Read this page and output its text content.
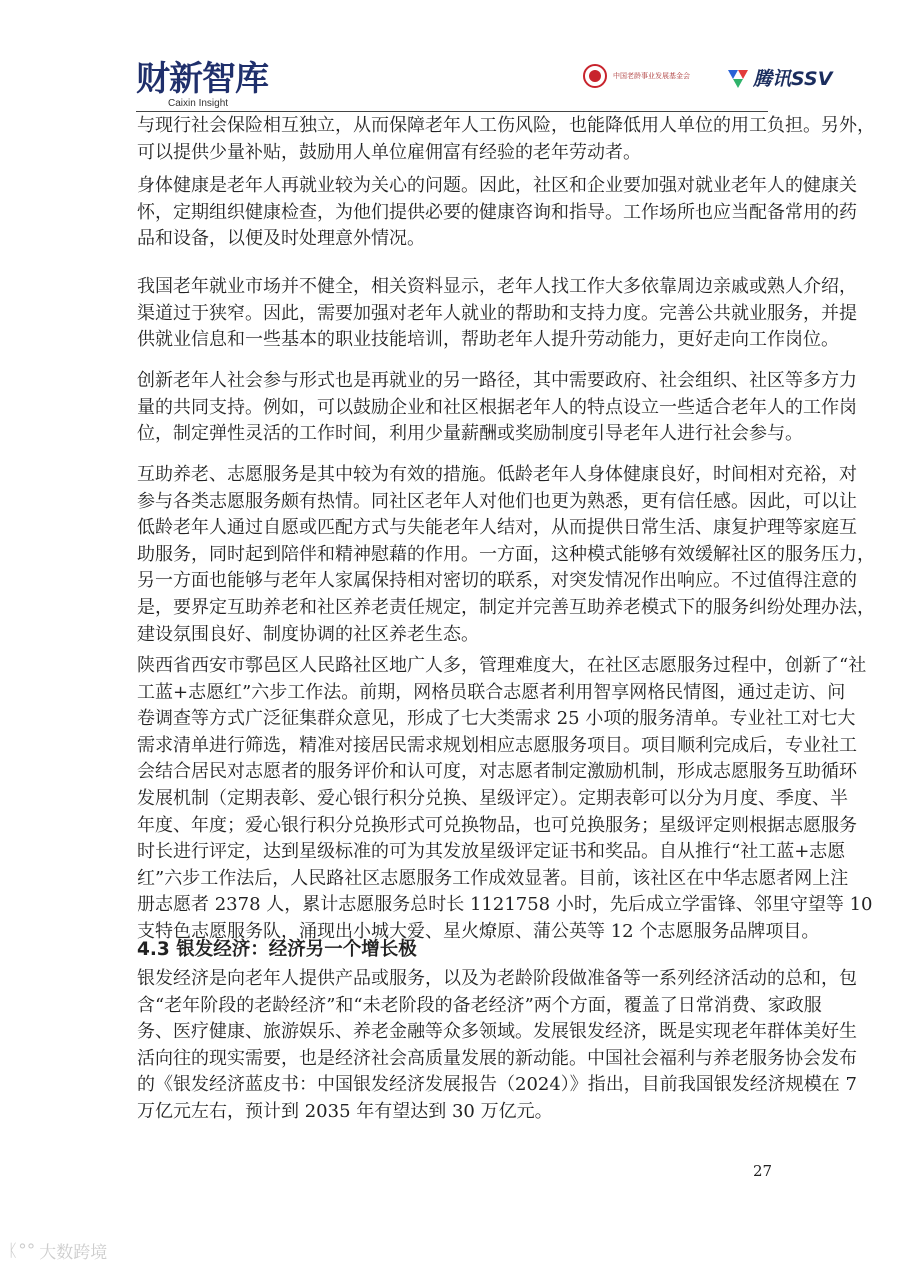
财新智库
Caixin Insight
中国老龄事业发展基金会	腾讯SSV
与现行社会保险相互独立，从而保障老年人工伤风险，也能降低用人单位的用工负担。另外，
可以提供少量补贴，鼓励用人单位雇佣富有经验的老年劳动者。
身体健康是老年人再就业较为关心的问题。因此，社区和企业要加强对就业老年人的健康关
怀，定期组织健康检查，为他们提供必要的健康咨询和指导。工作场所也应当配备常用的药
品和设备，以便及时处理意外情况。
我国老年就业市场并不健全，相关资料显示，老年人找工作大多依靠周边亲戚或熟人介绍，
渠道过于狭窄。因此，需要加强对老年人就业的帮助和支持力度。完善公共就业服务，并提
供就业信息和一些基本的职业技能培训，帮助老年人提升劳动能力，更好走向工作岗位。
创新老年人社会参与形式也是再就业的另一路径，其中需要政府、社会组织、社区等多方力
量的共同支持。例如，可以鼓励企业和社区根据老年人的特点设立一些适合老年人的工作岗
位，制定弹性灵活的工作时间，利用少量薪酬或奖励制度引导老年人进行社会参与。
互助养老、志愿服务是其中较为有效的措施。低龄老年人身体健康良好，时间相对充裕，对
参与各类志愿服务颇有热情。同社区老年人对他们也更为熟悉，更有信任感。因此，可以让
低龄老年人通过自愿或匹配方式与失能老年人结对，从而提供日常生活、康复护理等家庭互
助服务，同时起到陪伴和精神慰藉的作用。一方面，这种模式能够有效缓解社区的服务压力，
另一方面也能够与老年人家属保持相对密切的联系，对突发情况作出响应。不过值得注意的
是，要界定互助养老和社区养老责任规定，制定并完善互助养老模式下的服务纠纷处理办法，
建设氛围良好、制度协调的社区养老生态。
陕西省西安市鄠邑区人民路社区地广人多，管理难度大，在社区志愿服务过程中，创新了“社
工蓝+志愿红”六步工作法。前期，网格员联合志愿者利用智享网格民情图，通过走访、问
卷调查等方式广泛征集群众意见，形成了七大类需求 25 小项的服务清单。专业社工对七大
需求清单进行筛选，精准对接居民需求规划相应志愿服务项目。项目顺利完成后，专业社工
会结合居民对志愿者的服务评价和认可度，对志愿者制定激励机制，形成志愿服务互助循环
发展机制（定期表彰、爱心银行积分兑换、星级评定）。定期表彰可以分为月度、季度、半
年度、年度；爱心银行积分兑换形式可兑换物品，也可兑换服务；星级评定则根据志愿服务
时长进行评定，达到星级标准的可为其发放星级评定证书和奖品。自从推行“社工蓝+志愿
红”六步工作法后，人民路社区志愿服务工作成效显著。目前，该社区在中华志愿者网上注
册志愿者 2378 人，累计志愿服务总时长 1121758 小时，先后成立学雷锋、邻里守望等 10
支特色志愿服务队，涌现出小城大爱、星火燎原、蒲公英等 12 个志愿服务品牌项目。
银发经济是向老年人提供产品或服务，以及为老龄阶段做准备等一系列经济活动的总和，包
含“老年阶段的老龄经济”和“未老阶段的备老经济”两个方面，覆盖了日常消费、家政服
务、医疗健康、旅游娱乐、养老金融等众多领域。发展银发经济，既是实现老年群体美好生
活向往的现实需要，也是经济社会高质量发展的新动能。中国社会福利与养老服务协会发布
的《银发经济蓝皮书：中国银发经济发展报告（2024）》指出，目前我国银发经济规模在 7
万亿元左右，预计到 2035 年有望达到 30 万亿元。
4.3 银发经济：经济另一个增长极
27
ᛕ°° 大数跨境
